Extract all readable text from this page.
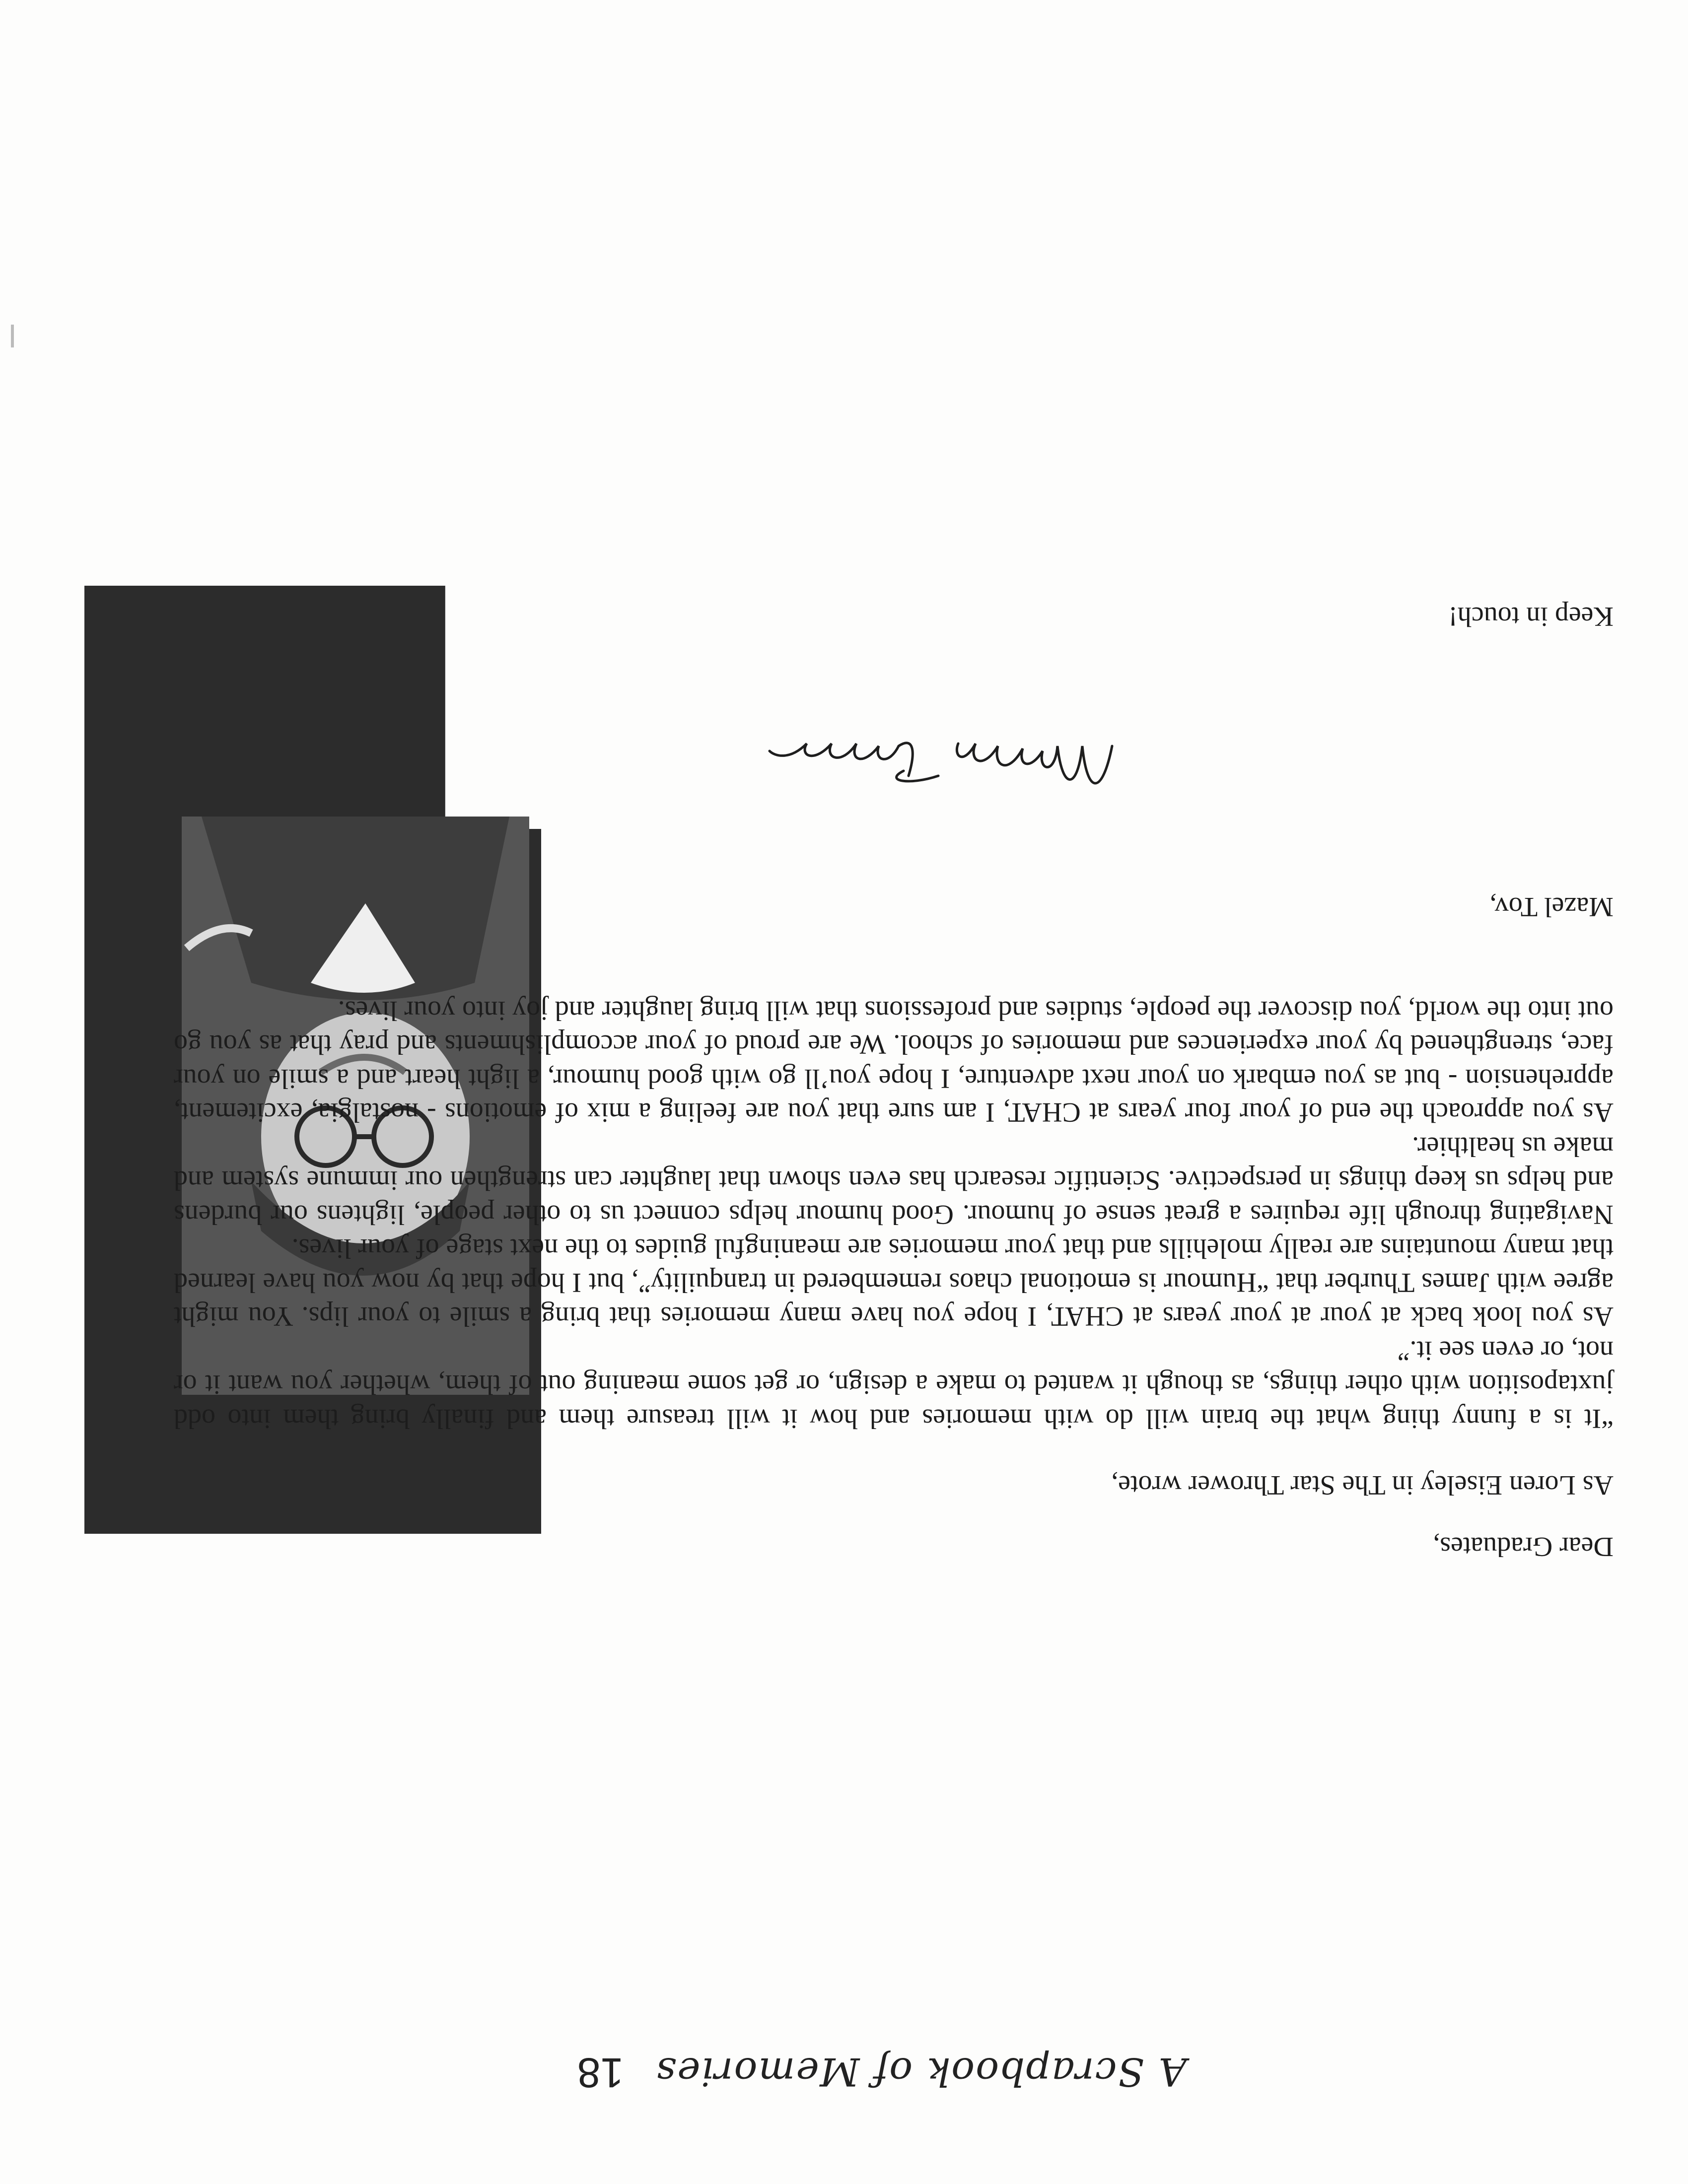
A Scrapbook of Memories
18

Dear Graduates,

As Loren Eiseley in The Star Thrower wrote,

“It is a funny thing what the brain will do with memories and how it will treasure them and finally bring them into odd juxtaposition with other things, as though it wanted to make a design, or get some meaning out of them, whether you want it or not, or even see it.”

As you look back at your at your years at CHAT, I hope you have many memories that bring a smile to your lips. You might agree with James Thurber that “Humour is emotional chaos remembered in tranquility”, but I hope that by now you have learned that many mountains are really molehills and that your memories are meaningful guides to the next stage of your lives.

Navigating through life requires a great sense of humour. Good humour helps connect us to other people, lightens our burdens and helps us keep things in perspective. Scientific research has even shown that laughter can strengthen our immune system and make us healthier.

As you approach the end of your four years at CHAT, I am sure that you are feeling a mix of emotions - nostalgia, excitement, apprehension - but as you embark on your next adventure, I hope you’ll go with good humour, a light heart and a smile on your face, strengthened by your experiences and memories of school. We are proud of your accomplishments and pray that as you go out into the world, you discover the people, studies and professions that will bring laughter and joy into your lives.

Mazel Tov,

Keep in touch!
